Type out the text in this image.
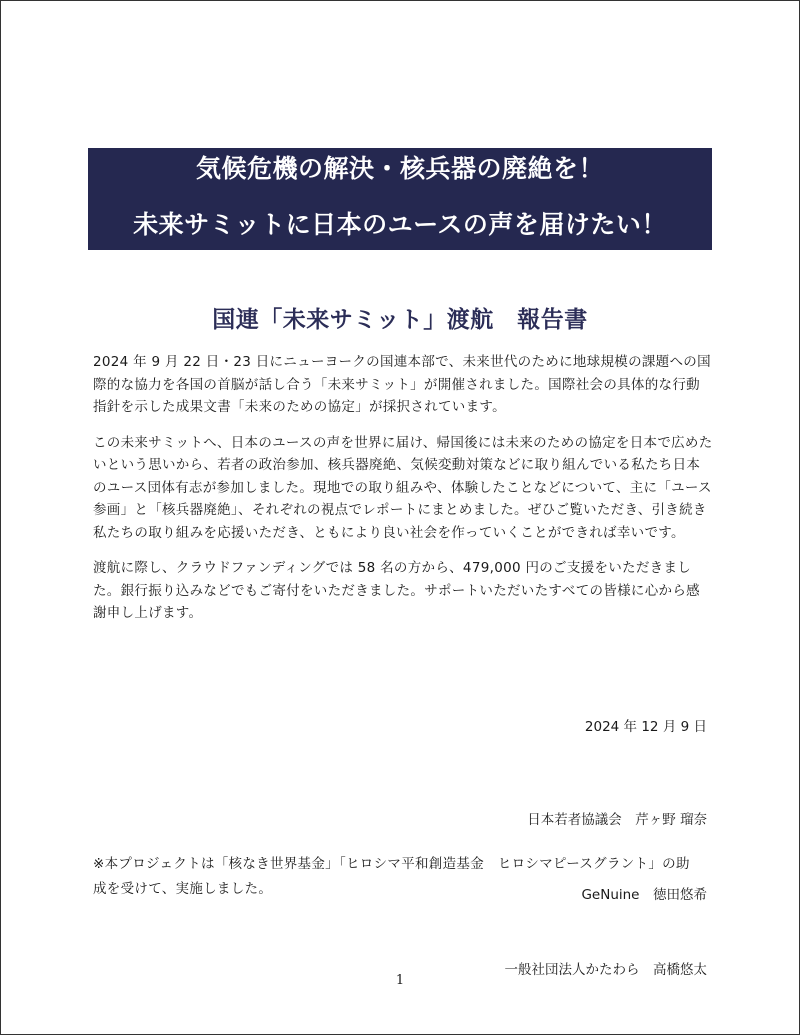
気候危機の解決・核兵器の廃絶を！
未来サミットに日本のユースの声を届けたい！
国連「未来サミット」渡航　報告書

2024 年 9 月 22 日・23 日にニューヨークの国連本部で、未来世代のために地球規模の課題への国際的な協力を各国の首脳が話し合う「未来サミット」が開催されました。国際社会の具体的な行動指針を示した成果文書「未来のための協定」が採択されています。

この未来サミットへ、日本のユースの声を世界に届け、帰国後には未来のための協定を日本で広めたいという思いから、若者の政治参加、核兵器廃絶、気候変動対策などに取り組んでいる私たち日本のユース団体有志が参加しました。現地での取り組みや、体験したことなどについて、主に「ユース参画」と「核兵器廃絶」、それぞれの視点でレポートにまとめました。ぜひご覧いただき、引き続き私たちの取り組みを応援いただき、ともにより良い社会を作っていくことができれば幸いです。

渡航に際し、クラウドファンディングでは 58 名の方から、479,000 円のご支援をいただきました。銀行振り込みなどでもご寄付をいただきました。サポートいただいたすべての皆様に心から感謝申し上げます。

2024 年 12 月 9 日

日本若者協議会　芹ヶ野 瑠奈

GeNuine　徳田悠希

一般社団法人かたわら　高橋悠太

※本プロジェクトは「核なき世界基金」「ヒロシマ平和創造基金　ヒロシマピースグラント」の助
成を受けて、実施しました。
1
